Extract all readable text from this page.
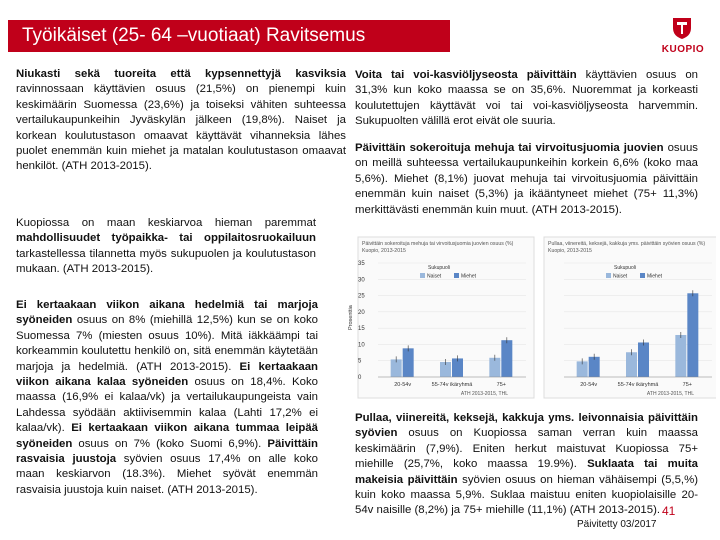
Työikäiset (25- 64 –vuotiaat) Ravitsemus
KUOPIO

Niukasti sekä tuoreita että kypsennettyjä kasviksia ravinnossaan käyttävien osuus (21,5%) on pienempi kuin keskimäärin Suomessa (23,6%) ja toiseksi vähiten suhteessa vertailukaupunkeihin Jyväskylän jälkeen (19,8%). Naiset ja korkean koulutustason omaavat käyttävät vihanneksia lähes puolet enemmän kuin miehet ja matalan koulutustason omaavat henkilöt. (ATH 2013-2015).

Kuopiossa on maan keskiarvoa hieman paremmat mahdollisuudet työpaikka- tai oppilaitosruokailuun tarkastellessa tilannetta myös sukupuolen ja koulutustason mukaan. (ATH 2013-2015).

Ei kertaakaan viikon aikana hedelmiä tai marjoja syöneiden osuus on 8% (miehillä 12,5%) kun se on koko Suomessa 7% (miesten osuus 10%). Mitä iäkkäämpi tai korkeammin koulutettu henkilö on, sitä enemmän käytetään marjoja ja hedelmiä. (ATH 2013-2015). Ei kertaakaan viikon aikana kalaa syöneiden osuus on 18,4%. Koko maassa (16,9% ei kalaa/vk) ja vertailukaupungeista vain Lahdessa syödään aktiivisemmin kalaa (Lahti 17,2% ei kalaa/vk). Ei kertaakaan viikon aikana tummaa leipää syöneiden osuus on 7% (koko Suomi 6,9%). Päivittäin rasvaisia juustoja syövien osuus 17,4% on alle koko maan keskiarvon (18.3%). Miehet syövät enemmän rasvaisia juustoja kuin naiset. (ATH 2013-2015).

Voita tai voi-kasviöljyseosta päivittäin käyttävien osuus on 31,3% kun koko maassa se on 35,6%. Nuoremmat ja korkeasti koulutettujen käyttävät voi tai voi-kasviöljyseosta harvemmin. Sukupuolten välillä erot eivät ole suuria.

Päivittäin sokeroituja mehuja tai virvoitusjuomia juovien osuus on meillä suhteessa vertailukaupunkeihin korkein 6,6% (koko maa 5,6%). Miehet (8,1%) juovat mehuja tai virvoitusjuomia päivittäin enemmän kuin naiset (5,3%) ja ikääntyneet miehet (75+ 11,3%) merkittävästi enemmän kuin muut. (ATH 2013-2015).

Päivittäin sokeroituja mehuja tai virvoitusjuomia juovien osuus (%)
Kuopio, 2013-2015
0
5
10
15
20
25
30
35
Prosenttia
Sukupuoli
Naiset	Miehet
20-54v	55-74v ikäryhmä	75+
ATH 2013-2015, THL
Pullaa, viinereitä, keksejä, kakkuja yms. päivittäin syövien osuus (%)
Kuopio, 2013-2015
Sukupuoli
Naiset	Miehet
20-54v	55-74v ikäryhmä	75+
ATH 2013-2015, THL

Pullaa, viinereitä, keksejä, kakkuja yms. leivonnaisia päivittäin syövien osuus on Kuopiossa saman verran kuin maassa keskimäärin (7,9%). Eniten herkut maistuvat Kuopiossa 75+ miehille (25,7%, koko maassa 19.9%). Suklaata tai muita makeisia päivittäin syövien osuus on hieman vähäisempi (5,5,%) kuin koko maassa 5,9%. Suklaa maistuu eniten kuopiolaisille 20-54v naisille (8,2%) ja 75+ miehille (11,1%) (ATH 2013-2015). 41
Päivitetty 03/2017
